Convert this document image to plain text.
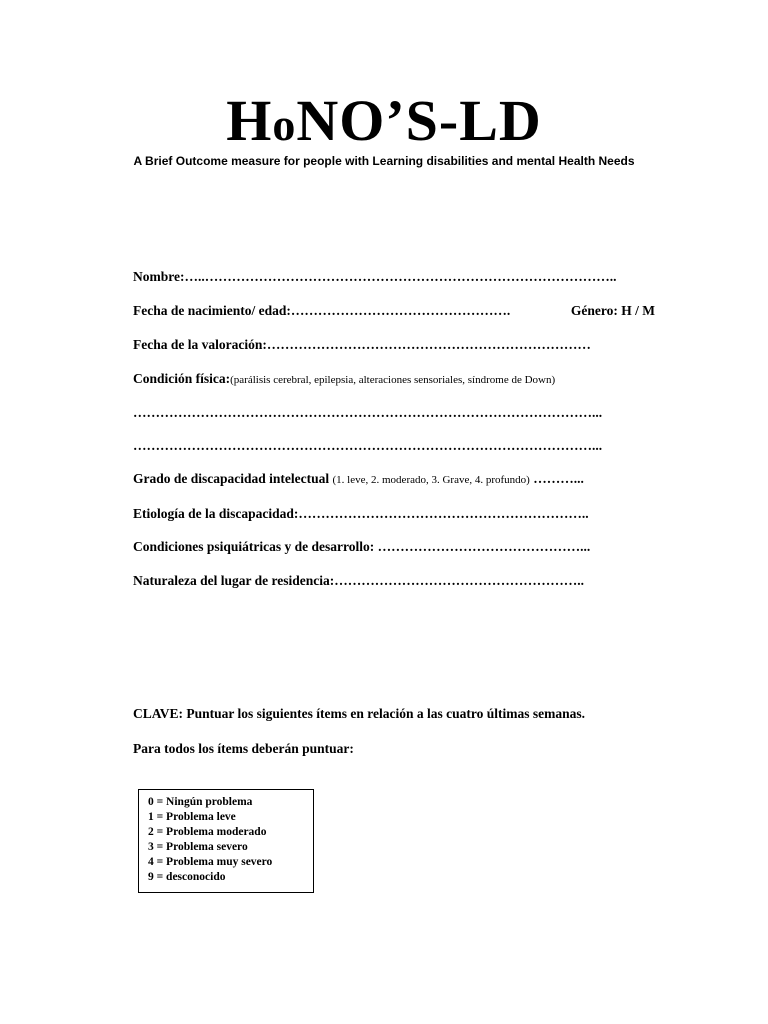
HoNO’S-LD
A Brief Outcome measure for people with Learning disabilities and mental Health Needs
Nombre:…..………………………………………………………………………………..
Fecha de nacimiento/ edad:………………………………………….	Género: H / M
Fecha de la valoración:………………………………………………………………
Condición física:(parálisis cerebral, epilepsia, alteraciones sensoriales, síndrome de Down)
…………………………………………………………………………………………...
…………………………………………………………………………………………...
Grado de discapacidad intelectual (1. leve, 2. moderado, 3. Grave, 4. profundo) ………...
Etiología de la discapacidad:………………………………………………………..
Condiciones psiquiátricas y de desarrollo: ………………………………………...
Naturaleza del lugar de residencia:………………………………………………..
CLAVE: Puntuar los siguientes ítems en relación a las cuatro últimas semanas.
Para todos los ítems deberán puntuar:
0 = Ningún problema
1 = Problema leve
2 = Problema moderado
3 = Problema severo
4 = Problema muy severo
9 = desconocido
